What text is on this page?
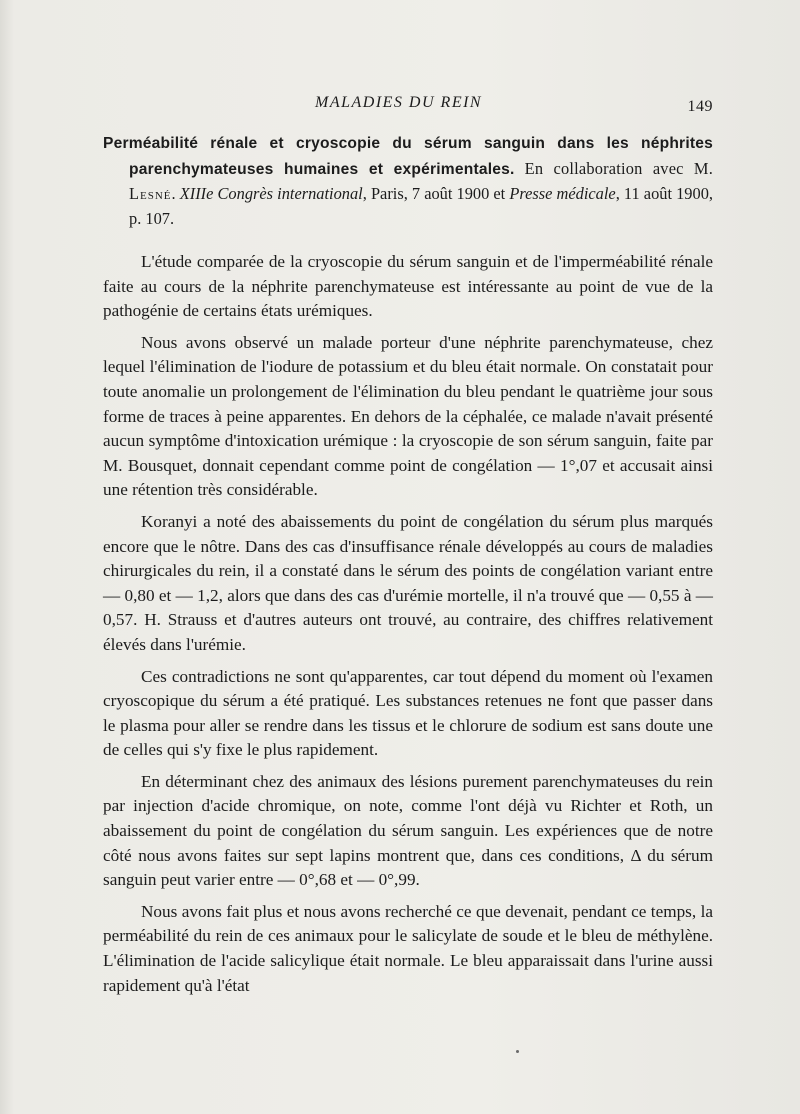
MALADIES DU REIN	149
Perméabilité rénale et cryoscopie du sérum sanguin dans les néphrites parenchymateuses humaines et expérimentales. En collaboration avec M. Lesné. XIIIe Congrès international, Paris, 7 août 1900 et Presse médicale, 11 août 1900, p. 107.

L'étude comparée de la cryoscopie du sérum sanguin et de l'imperméabilité rénale faite au cours de la néphrite parenchymateuse est intéressante au point de vue de la pathogénie de certains états urémiques.

Nous avons observé un malade porteur d'une néphrite parenchymateuse, chez lequel l'élimination de l'iodure de potassium et du bleu était normale. On constatait pour toute anomalie un prolongement de l'élimination du bleu pendant le quatrième jour sous forme de traces à peine apparentes. En dehors de la céphalée, ce malade n'avait présenté aucun symptôme d'intoxication urémique : la cryoscopie de son sérum sanguin, faite par M. Bousquet, donnait cependant comme point de congélation — 1°,07 et accusait ainsi une rétention très considérable.

Koranyi a noté des abaissements du point de congélation du sérum plus marqués encore que le nôtre. Dans des cas d'insuffisance rénale développés au cours de maladies chirurgicales du rein, il a constaté dans le sérum des points de congélation variant entre — 0,80 et — 1,2, alors que dans des cas d'urémie mortelle, il n'a trouvé que — 0,55 à — 0,57. H. Strauss et d'autres auteurs ont trouvé, au contraire, des chiffres relativement élevés dans l'urémie.

Ces contradictions ne sont qu'apparentes, car tout dépend du moment où l'examen cryoscopique du sérum a été pratiqué. Les substances retenues ne font que passer dans le plasma pour aller se rendre dans les tissus et le chlorure de sodium est sans doute une de celles qui s'y fixe le plus rapidement.

En déterminant chez des animaux des lésions purement parenchymateuses du rein par injection d'acide chromique, on note, comme l'ont déjà vu Richter et Roth, un abaissement du point de congélation du sérum sanguin. Les expériences que de notre côté nous avons faites sur sept lapins montrent que, dans ces conditions, Δ du sérum sanguin peut varier entre — 0°,68 et — 0°,99.

Nous avons fait plus et nous avons recherché ce que devenait, pendant ce temps, la perméabilité du rein de ces animaux pour le salicylate de soude et le bleu de méthylène. L'élimination de l'acide salicylique était normale. Le bleu apparaissait dans l'urine aussi rapidement qu'à l'état
